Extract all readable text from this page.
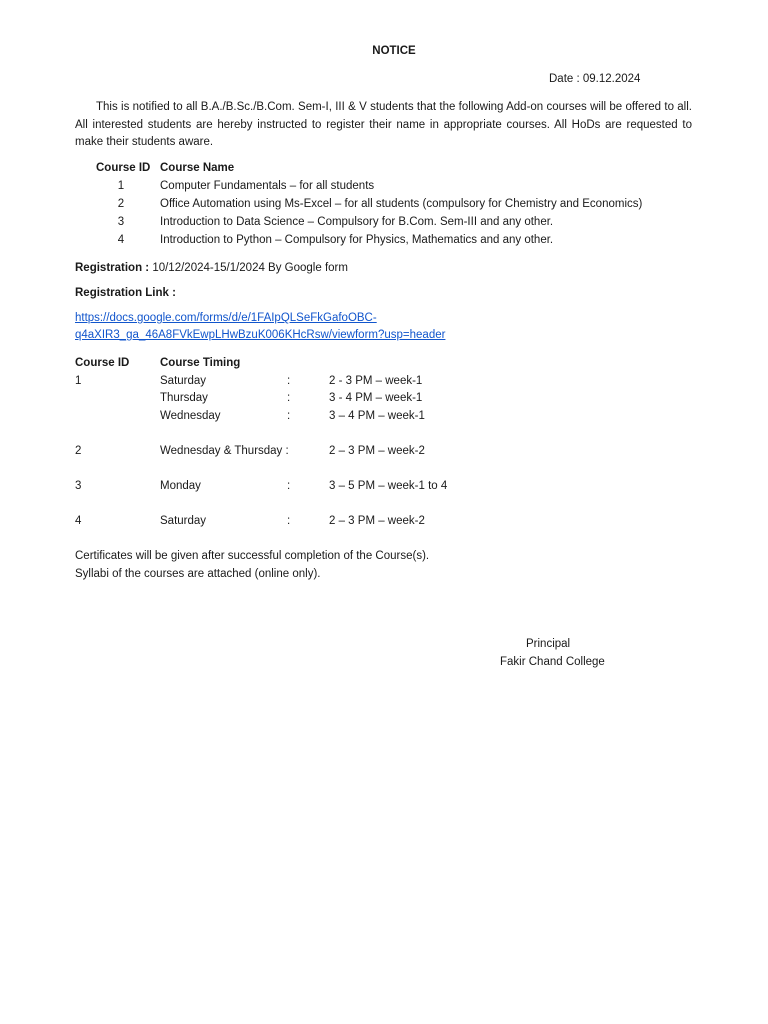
NOTICE
Date : 09.12.2024
This is notified to all B.A./B.Sc./B.Com. Sem-I, III & V students that the following Add-on courses will be offered to all. All interested students are hereby instructed to register their name in appropriate courses. All HoDs are requested to make their students aware.
Course ID Course Name
1	Computer Fundamentals – for all students
2	Office Automation using Ms-Excel – for all students (compulsory for Chemistry and Economics)
3	Introduction to Data Science – Compulsory for B.Com. Sem-III and any other.
4	Introduction to Python – Compulsory for Physics, Mathematics and any other.
Registration : 10/12/2024-15/1/2024 By Google form
Registration Link :
https://docs.google.com/forms/d/e/1FAIpQLSeFkGafoOBC-
q4aXIR3_ga_46A8FVkEwpLHwBzuK006KHcRsw/viewform?usp=header
Course ID	Course Timing
1	Saturday	:	2 - 3 PM – week-1
Thursday	:	3 - 4 PM – week-1
Wednesday	:	3 – 4 PM – week-1
2	Wednesday & Thursday :	2 – 3 PM – week-2
3	Monday	:	3 – 5 PM – week-1 to 4
4	Saturday	:	2 – 3 PM – week-2
Certificates will be given after successful completion of the Course(s).
Syllabi of the courses are attached (online only).
Principal
Fakir Chand College
